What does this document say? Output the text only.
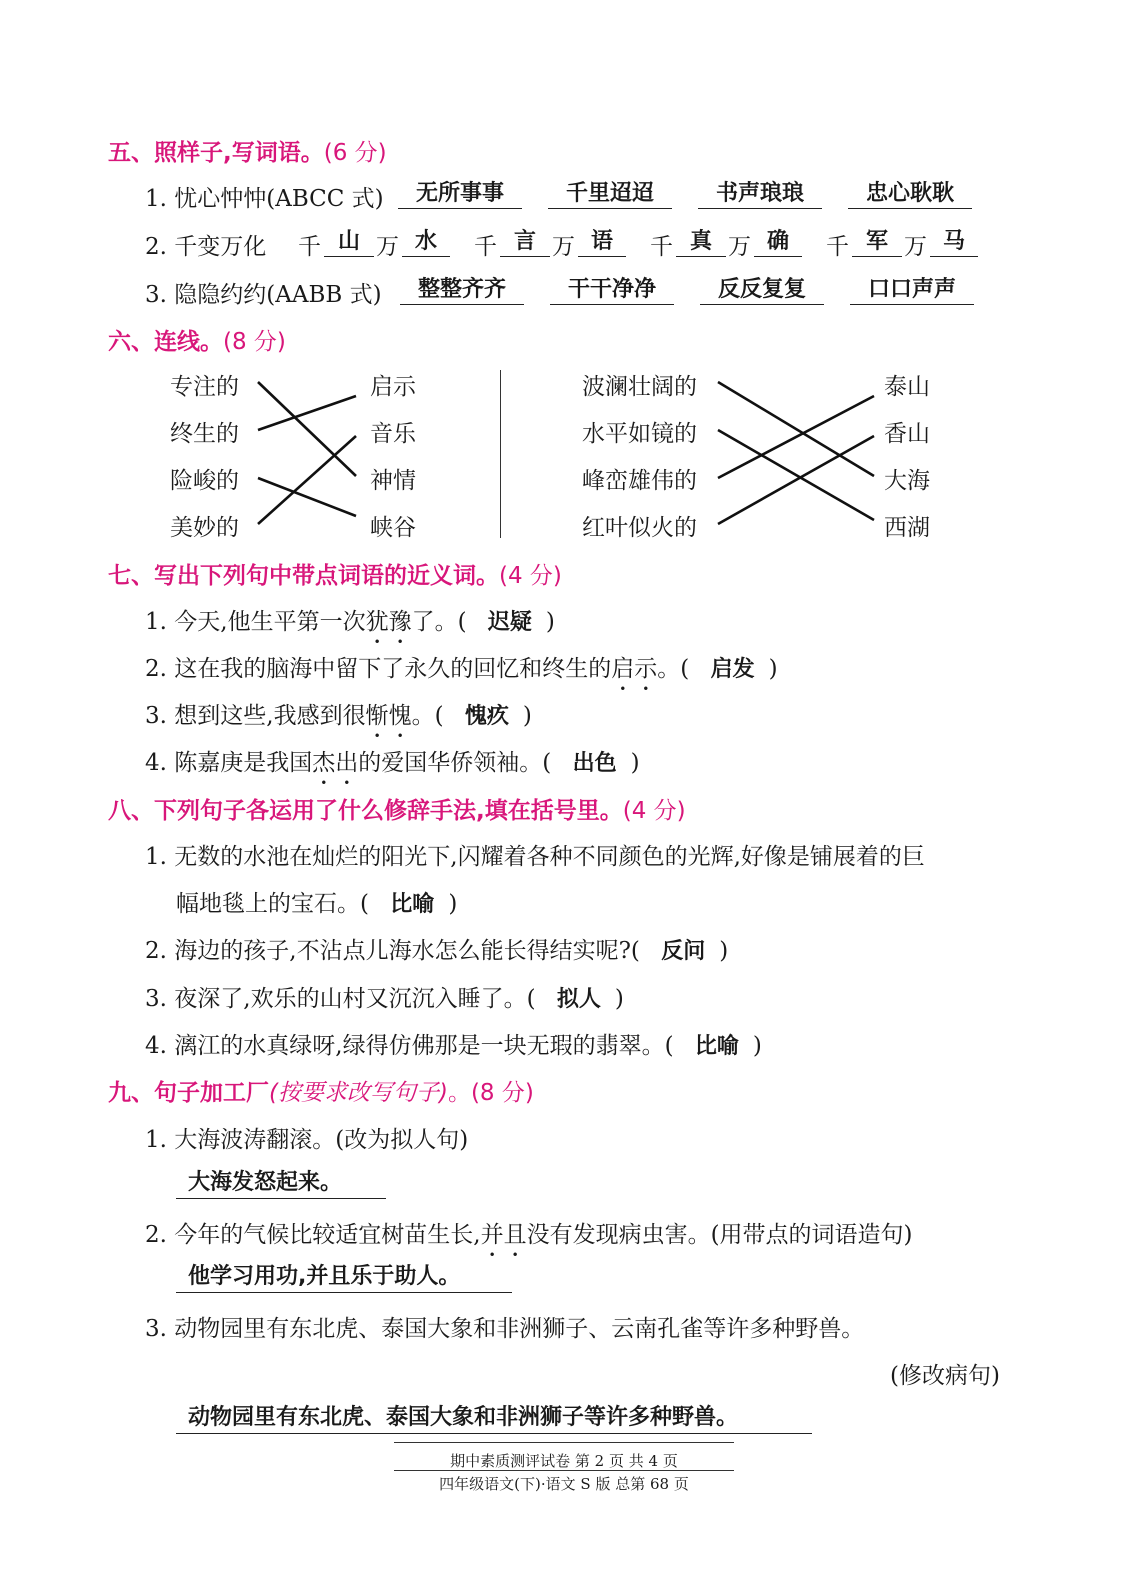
五、照样子,写词语。(6 分)
1. 忧心忡忡(ABCC 式)	无所事事	千里迢迢	书声琅琅	忠心耿耿
2. 千变万化 千 山 万 水	千 言 万 语	千 真 万 确	千 军 万 马
3. 隐隐约约(AABB 式)	整整齐齐	干干净净	反反复复	口口声声
六、连线。(8 分)
专注的
终生的
险峻的
美妙的
启示
音乐
神情
峡谷
波澜壮阔的
水平如镜的
峰峦雄伟的
红叶似火的
泰山
香山
大海
西湖
七、写出下列句中带点词语的近义词。(4 分)
1. 今天,他生平第一次犹豫了。( 迟疑 )
2. 这在我的脑海中留下了永久的回忆和终生的启示。( 启发 )
3. 想到这些,我感到很惭愧。( 愧疚 )
4. 陈嘉庚是我国杰出的爱国华侨领袖。( 出色 )
八、下列句子各运用了什么修辞手法,填在括号里。(4 分)
1. 无数的水池在灿烂的阳光下,闪耀着各种不同颜色的光辉,好像是铺展着的巨
幅地毯上的宝石。( 比喻 )
2. 海边的孩子,不沾点儿海水怎么能长得结实呢?( 反问 )
3. 夜深了,欢乐的山村又沉沉入睡了。( 拟人 )
4. 漓江的水真绿呀,绿得仿佛那是一块无瑕的翡翠。( 比喻 )
九、句子加工厂(按要求改写句子)。(8 分)
1. 大海波涛翻滚。(改为拟人句)
大海发怒起来。
2. 今年的气候比较适宜树苗生长,并且没有发现病虫害。(用带点的词语造句)
他学习用功,并且乐于助人。
3. 动物园里有东北虎、泰国大象和非洲狮子、云南孔雀等许多种野兽。
(修改病句)
动物园里有东北虎、泰国大象和非洲狮子等许多种野兽。
期中素质测评试卷 第 2 页 共 4 页
四年级语文(下)·语文 S 版 总第 68 页
